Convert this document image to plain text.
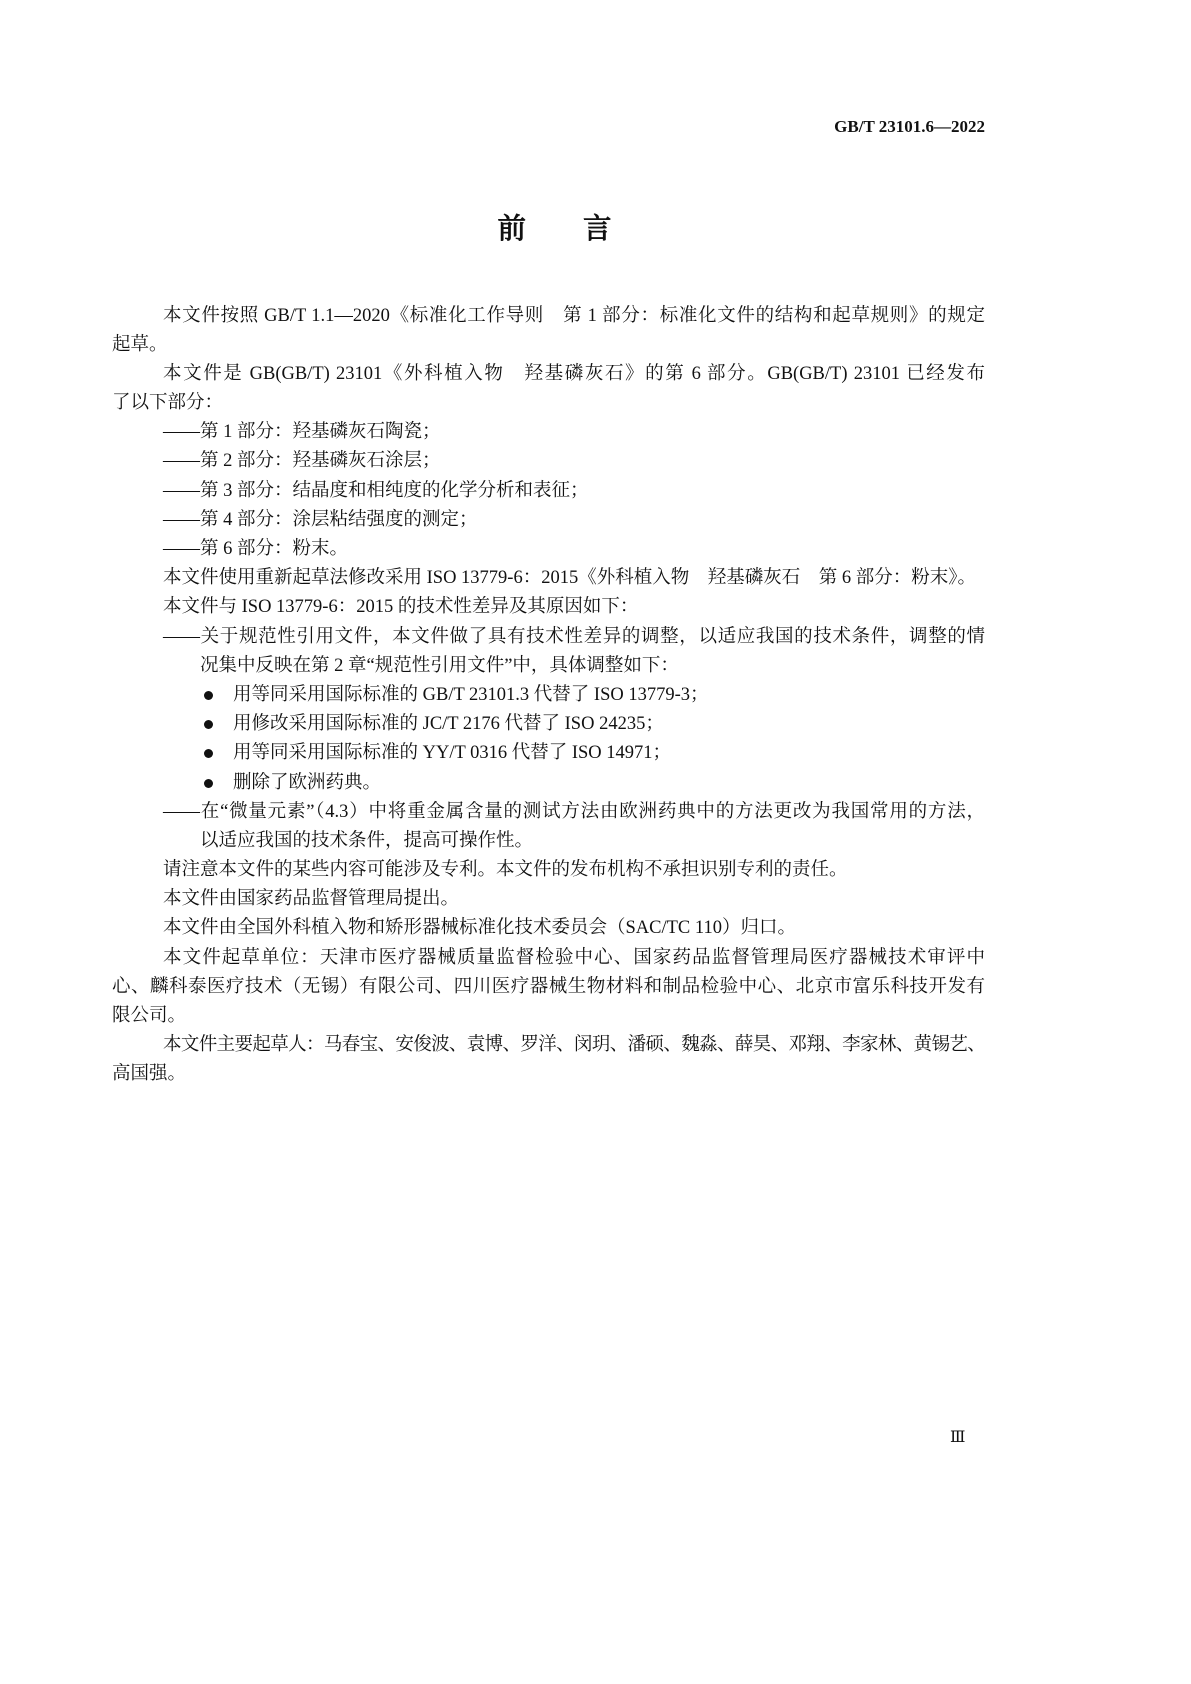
GB/T 23101.6—2022
前　　言
本文件按照 GB/T 1.1—2020《标准化工作导则　第 1 部分：标准化文件的结构和起草规则》的规定
起草。
本文件是 GB(GB/T) 23101《外科植入物　羟基磷灰石》的第 6 部分。GB(GB/T) 23101 已经发布
了以下部分：
——第 1 部分：羟基磷灰石陶瓷；
——第 2 部分：羟基磷灰石涂层；
——第 3 部分：结晶度和相纯度的化学分析和表征；
——第 4 部分：涂层粘结强度的测定；
——第 6 部分：粉末。
本文件使用重新起草法修改采用 ISO 13779-6：2015《外科植入物　羟基磷灰石　第 6 部分：粉末》。
本文件与 ISO 13779-6：2015 的技术性差异及其原因如下：
——关于规范性引用文件，本文件做了具有技术性差异的调整，以适应我国的技术条件，调整的情
况集中反映在第 2 章“规范性引用文件”中，具体调整如下：
用等同采用国际标准的 GB/T 23101.3 代替了 ISO 13779-3；
用修改采用国际标准的 JC/T 2176 代替了 ISO 24235；
用等同采用国际标准的 YY/T 0316 代替了 ISO 14971；
删除了欧洲药典。
——在“微量元素”（4.3）中将重金属含量的测试方法由欧洲药典中的方法更改为我国常用的方法，
以适应我国的技术条件，提高可操作性。
请注意本文件的某些内容可能涉及专利。本文件的发布机构不承担识别专利的责任。
本文件由国家药品监督管理局提出。
本文件由全国外科植入物和矫形器械标准化技术委员会（SAC/TC 110）归口。
本文件起草单位：天津市医疗器械质量监督检验中心、国家药品监督管理局医疗器械技术审评中
心、麟科泰医疗技术（无锡）有限公司、四川医疗器械生物材料和制品检验中心、北京市富乐科技开发有
限公司。
本文件主要起草人：马春宝、安俊波、袁博、罗洋、闵玥、潘硕、魏淼、薛昊、邓翔、李家林、黄锡艺、
高国强。
Ⅲ
